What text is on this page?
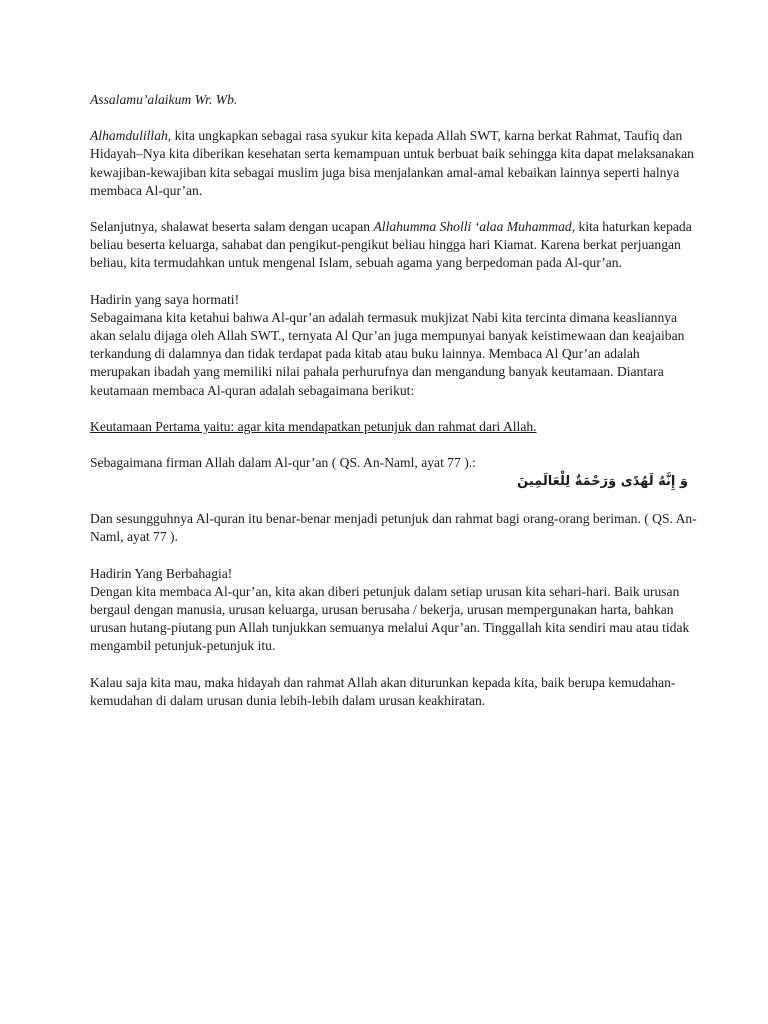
Assalamu’alaikum Wr. Wb.

Alhamdulillah, kita ungkapkan sebagai rasa syukur kita kepada Allah SWT, karna berkat Rahmat, Taufiq dan Hidayah–Nya kita diberikan kesehatan serta kemampuan untuk berbuat baik sehingga kita dapat melaksanakan kewajiban-kewajiban kita sebagai muslim juga bisa menjalankan amal-amal kebaikan lainnya seperti halnya membaca Al-qur’an.

Selanjutnya, shalawat beserta salam dengan ucapan Allahumma Sholli ‘alaa Muhammad, kita haturkan kepada beliau beserta keluarga, sahabat dan pengikut-pengikut beliau hingga hari Kiamat. Karena berkat perjuangan beliau, kita termudahkan untuk mengenal Islam, sebuah agama yang berpedoman pada Al-qur’an.

Hadirin yang saya hormati!

Sebagaimana kita ketahui bahwa Al-qur’an adalah termasuk mukjizat Nabi kita tercinta dimana keasliannya akan selalu dijaga oleh Allah SWT., ternyata Al Qur’an juga mempunyai banyak keistimewaan dan keajaiban terkandung di dalamnya dan tidak terdapat pada kitab atau buku lainnya. Membaca Al Qur’an adalah merupakan ibadah yang memiliki nilai pahala perhurufnya dan mengandung banyak keutamaan. Diantara keutamaan membaca Al-quran adalah sebagaimana berikut:

Keutamaan Pertama yaitu: agar kita mendapatkan petunjuk dan rahmat dari Allah.

Sebagaimana firman Allah dalam Al-qur’an ( QS. An-Naml, ayat 77 ).:

وَ إِنَّهُ لَهُدًى وَرَحْمَةٌ لِلْعَالَمِينَ

Dan sesungguhnya Al-quran itu benar-benar menjadi petunjuk dan rahmat bagi orang-orang beriman. ( QS. An-Naml, ayat 77 ).

Hadirin Yang Berbahagia!

Dengan kita membaca Al-qur’an, kita akan diberi petunjuk dalam setiap urusan kita sehari-hari. Baik urusan bergaul dengan manusia, urusan keluarga, urusan berusaha / bekerja, urusan mempergunakan harta, bahkan urusan hutang-piutang pun Allah tunjukkan semuanya melalui Aqur’an. Tinggallah kita sendiri mau atau tidak mengambil petunjuk-petunjuk itu.

Kalau saja kita mau, maka hidayah dan rahmat Allah akan diturunkan kepada kita, baik berupa kemudahan-kemudahan di dalam urusan dunia lebih-lebih dalam urusan keakhiratan.
